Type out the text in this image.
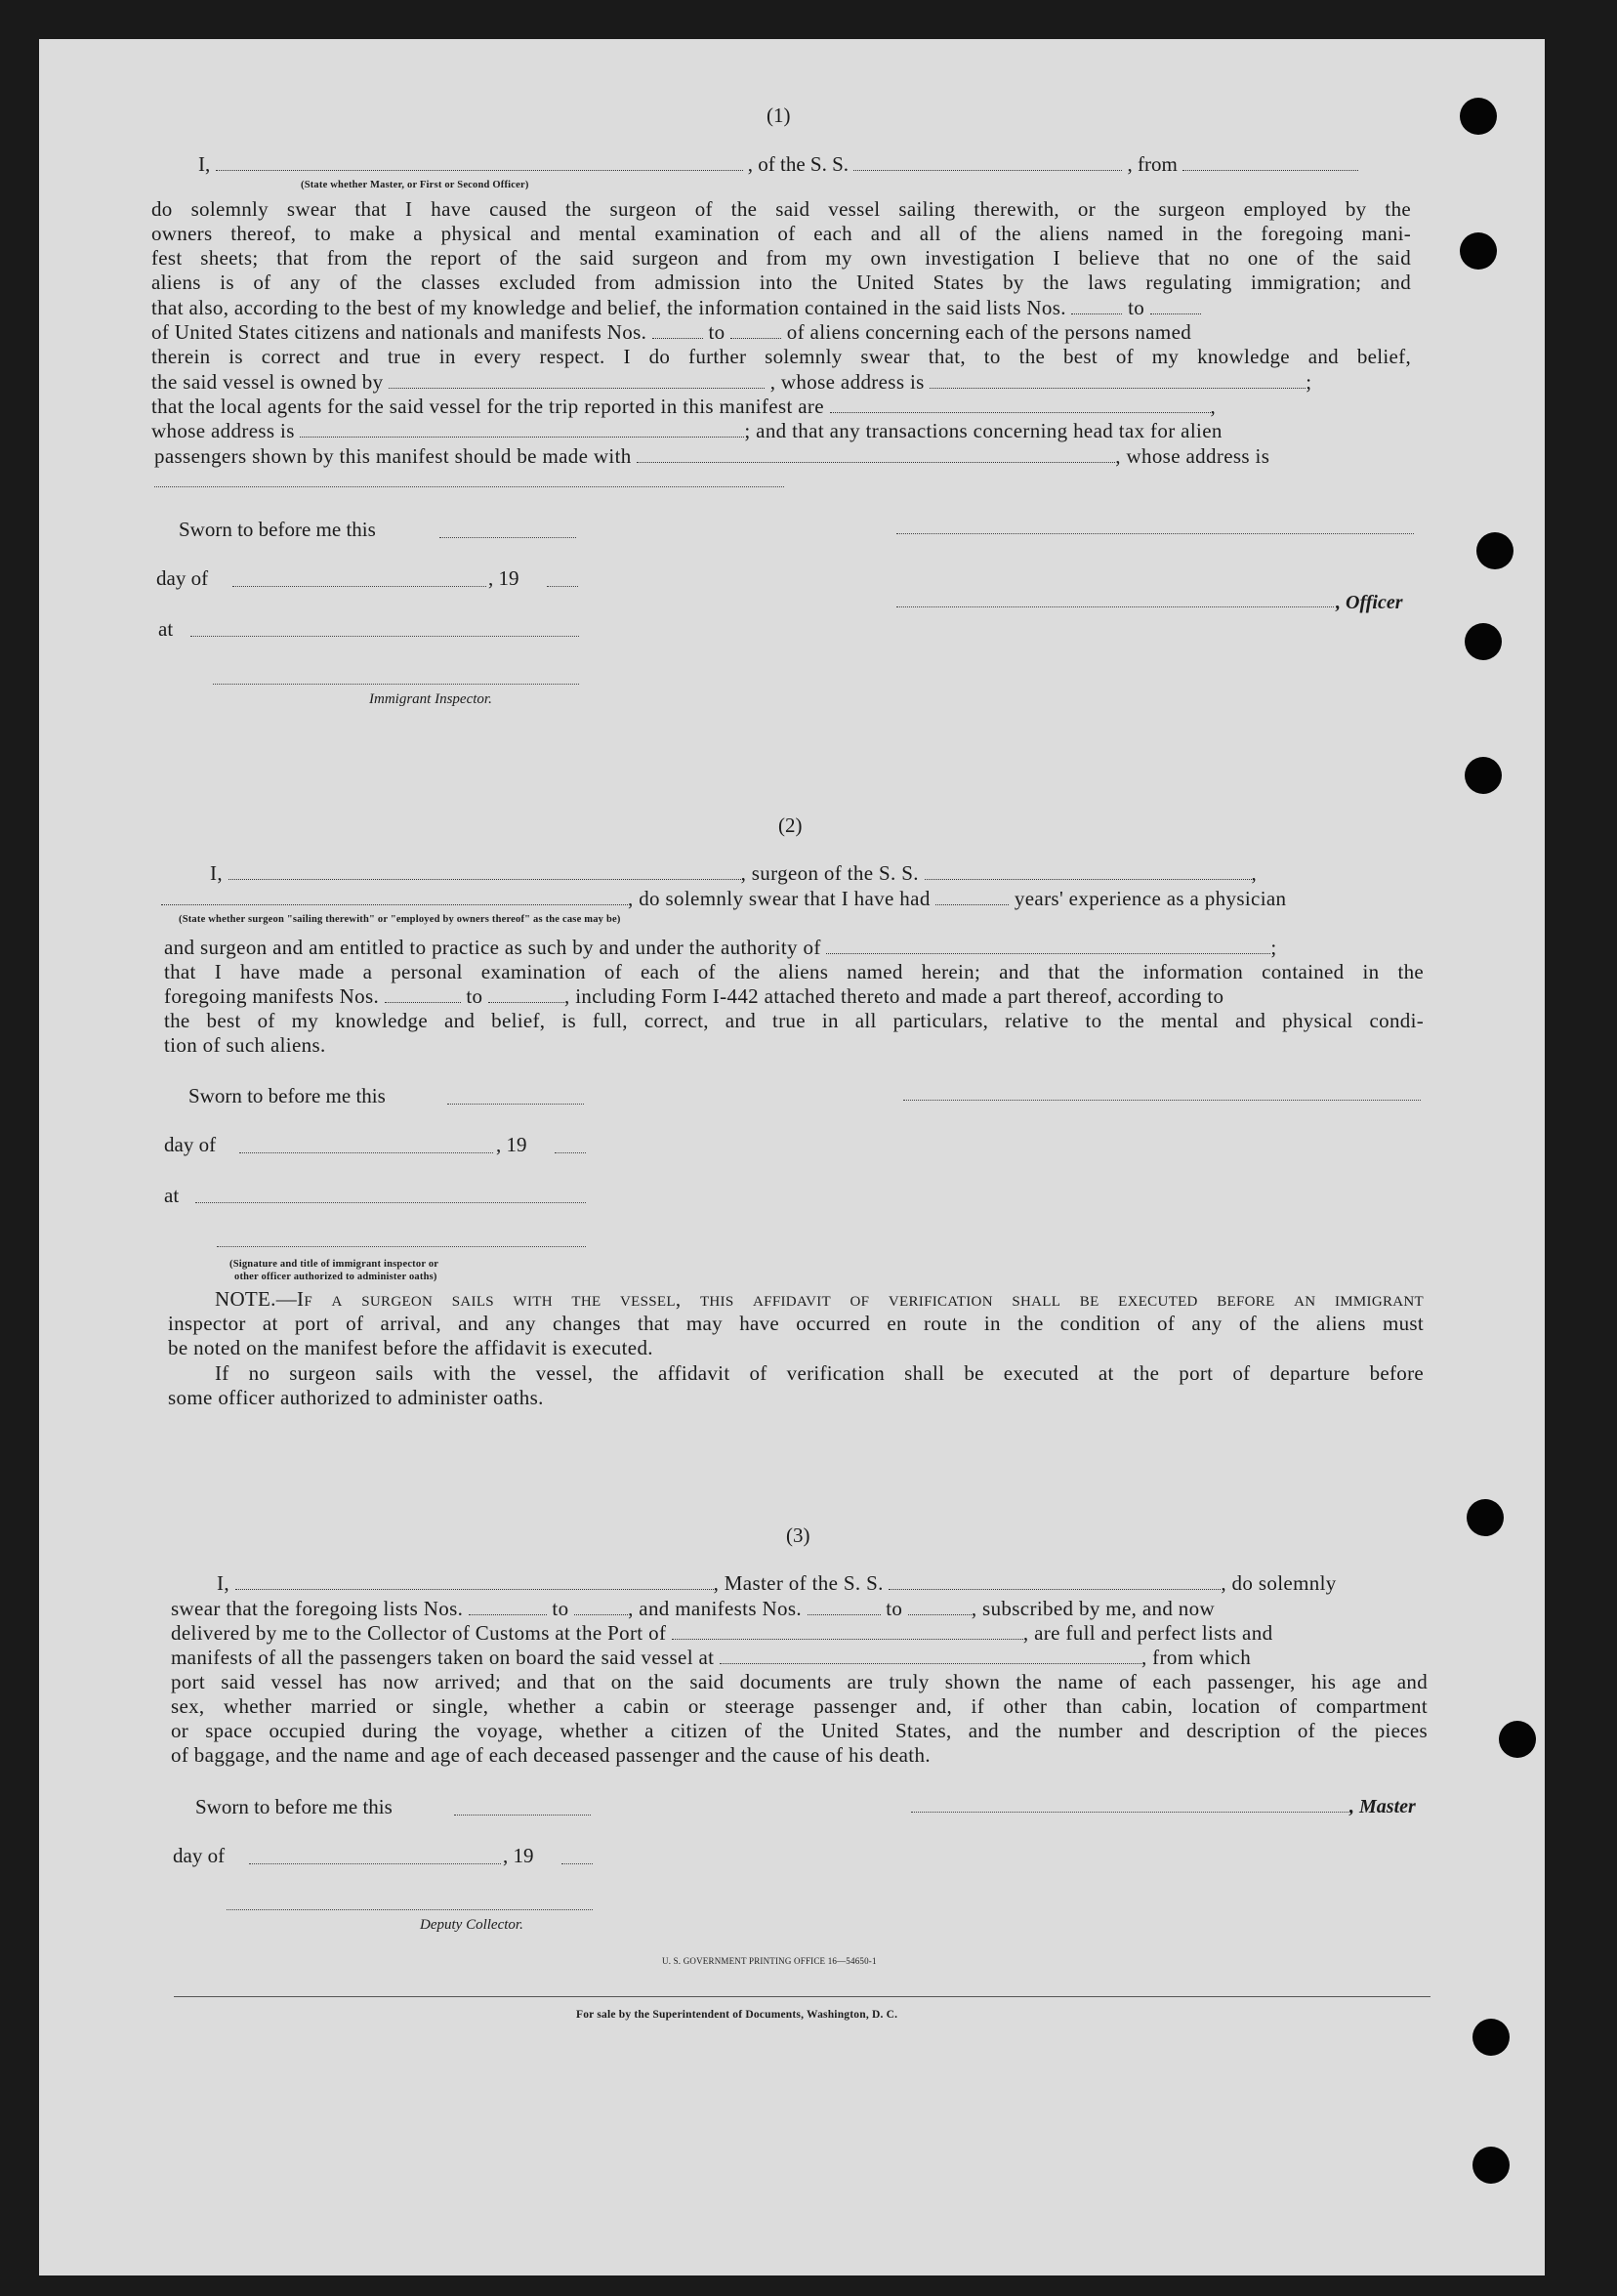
(1)
I,	, of the S. S.	, from
(State whether Master, or First or Second Officer)
do solemnly swear that I have caused the surgeon of the said vessel sailing therewith, or the surgeon employed by the
owners thereof, to make a physical and mental examination of each and all of the aliens named in the foregoing mani-
fest sheets; that from the report of the said surgeon and from my own investigation I believe that no one of the said
aliens is of any of the classes excluded from admission into the United States by the laws regulating immigration; and
that also, according to the best of my knowledge and belief, the information contained in the said lists Nos.	to
of United States citizens and nationals and manifests Nos.	to	of aliens concerning each of the persons named
therein is correct and true in every respect. I do further solemnly swear that, to the best of my knowledge and belief,
the said vessel is owned by	, whose address is	;
that the local agents for the said vessel for the trip reported in this manifest are	,
whose address is	; and that any transactions concerning head tax for alien
passengers shown by this manifest should be made with	, whose address is
Sworn to before me this
day of	, 19
, Officer
at
Immigrant Inspector.
(2)
I,	, surgeon of the S. S.	,
, do solemnly swear that I have had	years' experience as a physician
(State whether surgeon "sailing therewith" or "employed by owners thereof" as the case may be)
and surgeon and am entitled to practice as such by and under the authority of	;
that I have made a personal examination of each of the aliens named herein; and that the information contained in the
foregoing manifests Nos.	to	, including Form I-442 attached thereto and made a part thereof, according to
the best of my knowledge and belief, is full, correct, and true in all particulars, relative to the mental and physical condi-
tion of such aliens.
Sworn to before me this
day of	, 19
at
(Signature and title of immigrant inspector or
other officer authorized to administer oaths)
NOTE.—If a surgeon sails with the vessel, this affidavit of verification shall be executed before an immigrant
inspector at port of arrival, and any changes that may have occurred en route in the condition of any of the aliens must
be noted on the manifest before the affidavit is executed.
If no surgeon sails with the vessel, the affidavit of verification shall be executed at the port of departure before
some officer authorized to administer oaths.
(3)
I,	, Master of the S. S.	, do solemnly
swear that the foregoing lists Nos.	to	, and manifests Nos.	to	, subscribed by me, and now
delivered by me to the Collector of Customs at the Port of	, are full and perfect lists and
manifests of all the passengers taken on board the said vessel at	, from which
port said vessel has now arrived; and that on the said documents are truly shown the name of each passenger, his age and
sex, whether married or single, whether a cabin or steerage passenger and, if other than cabin, location of compartment
or space occupied during the voyage, whether a citizen of the United States, and the number and description of the pieces
of baggage, and the name and age of each deceased passenger and the cause of his death.
Sworn to before me this	, Master
day of	, 19
Deputy Collector.
U. S. GOVERNMENT PRINTING OFFICE 16—54650-1
For sale by the Superintendent of Documents, Washington, D. C.
